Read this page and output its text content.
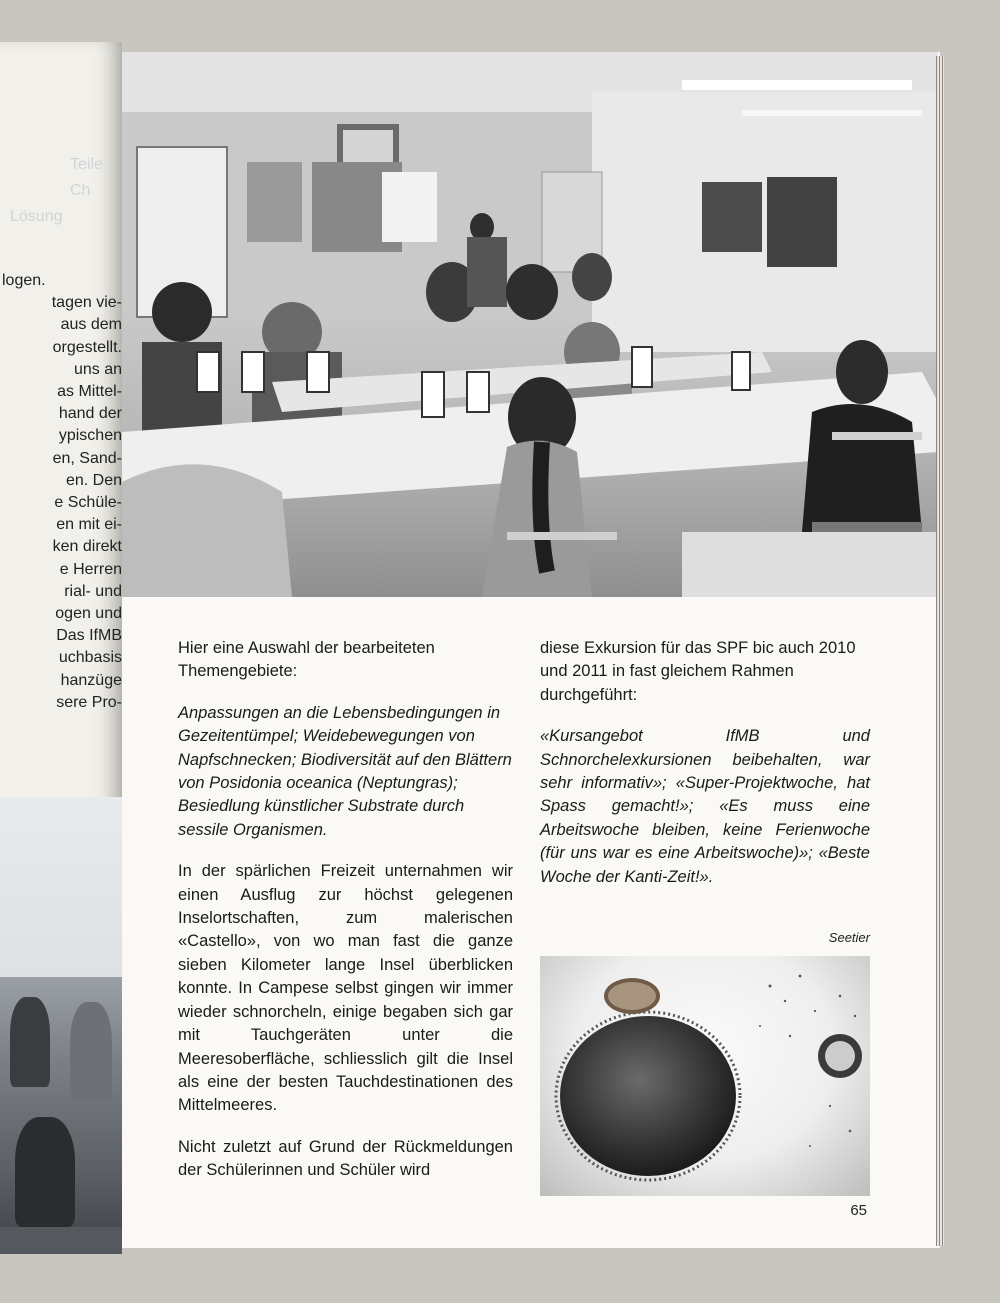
Teile
Ch
Lösung
logen.
tagen vie-
aus dem
orgestellt.
uns an
as Mittel-
hand der
ypischen
en, Sand-
en. Den
e Schüle-
en mit ei-
ken direkt
e Herren
rial- und
ogen und
Das IfMB
uchbasis
hanzüge
sere Pro-

Hier eine Auswahl der bearbeiteten Themengebiete:

Anpassungen an die Lebensbedingungen in Gezeitentümpel; Weidebewegungen von Napfschnecken; Biodiversität auf den Blättern von Posidonia oceanica (Neptungras); Besiedlung künstlicher Substrate durch sessile Organismen.

In der spärlichen Freizeit unternahmen wir einen Ausflug zur höchst gelegenen Inselortschaften, zum malerischen «Castello», von wo man fast die ganze sieben Kilometer lange Insel überblicken konnte. In Campese selbst gingen wir immer wieder schnorcheln, einige begaben sich gar mit Tauchgeräten unter die Meeresoberfläche, schliesslich gilt die Insel als eine der besten Tauchdestinationen des Mittelmeeres.

Nicht zuletzt auf Grund der Rückmeldungen der Schülerinnen und Schüler wird

diese Exkursion für das SPF bic auch 2010 und 2011 in fast gleichem Rahmen durchgeführt:

«Kursangebot IfMB und Schnorchelexkursionen beibehalten, war sehr informativ»; «Super-Projektwoche, hat Spass gemacht!»; «Es muss eine Arbeitswoche bleiben, keine Ferienwoche (für uns war es eine Arbeitswoche)»; «Beste Woche der Kanti-Zeit!».

Seetier
65
